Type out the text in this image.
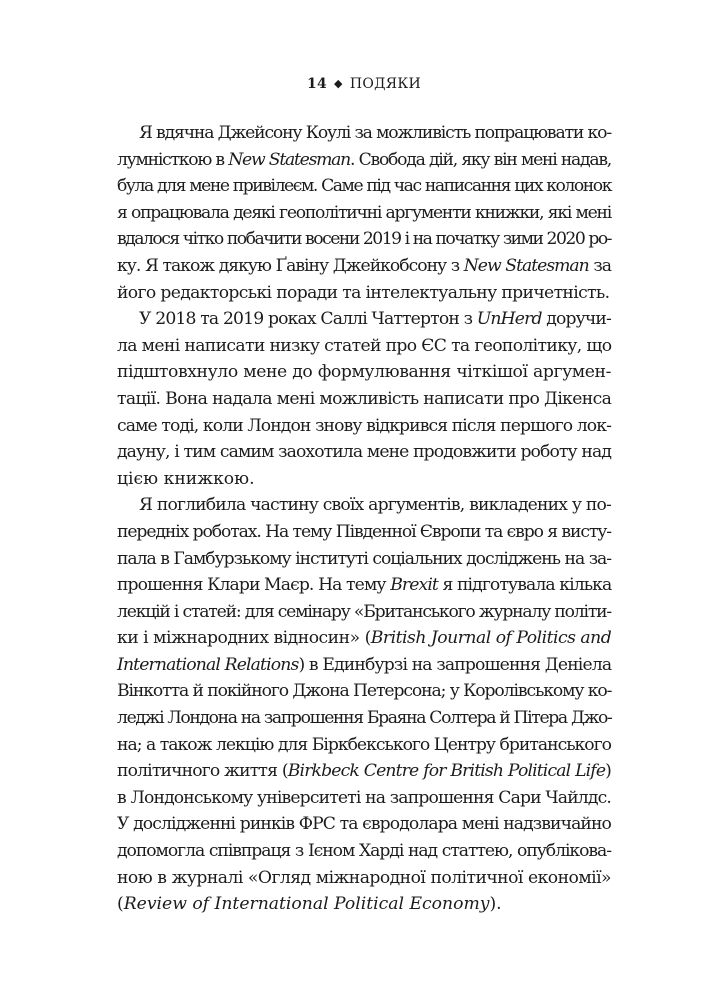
14 ◆ ПОДЯКИ

Я вдячна Джейсону Коулі за можливість попрацювати ко-
лумністкою в New Statesman. Свобода дій, яку він мені надав,
була для мене привілеєм. Саме під час написання цих колонок
я опрацювала деякі геополітичні аргументи книжки, які мені
вдалося чітко побачити восени 2019 і на початку зими 2020 ро-
ку. Я також дякую Ґавіну Джейкобсону з New Statesman за
його редакторські поради та інтелектуальну причетність.

У 2018 та 2019 роках Саллі Чаттертон з UnHerd доручи-
ла мені написати низку статей про ЄС та геополітику, що
підштовхнуло мене до формулювання чіткішої аргумен-
тації. Вона надала мені можливість написати про Дікенса
саме тоді, коли Лондон знову відкрився після першого лок-
дауну, і тим самим заохотила мене продовжити роботу над
цією книжкою.

Я поглибила частину своїх аргументів, викладених у по-
передніх роботах. На тему Південної Європи та євро я висту-
пала в Гамбурзькому інституті соціальних досліджень на за-
прошення Клари Маєр. На тему Brexit я підготувала кілька
лекцій і статей: для семінару «Британського журналу політи-
ки і міжнародних відносин» (British Journal of Politics and
International Relations) в Единбурзі на запрошення Деніела
Вінкотта й покійного Джона Петерсона; у Королівському ко-
леджі Лондона на запрошення Браяна Солтера й Пітера Джо-
на; а також лекцію для Біркбекського Центру британського
політичного життя (Birkbeck Centre for British Political Life)
в Лондонському університеті на запрошення Сари Чайлдс.
У дослідженні ринків ФРС та євродолара мені надзвичайно
допомогла співпраця з Ієном Харді над статтею, опублікова-
ною в журналі «Огляд міжнародної політичної економії»
(Review of International Political Economy).
